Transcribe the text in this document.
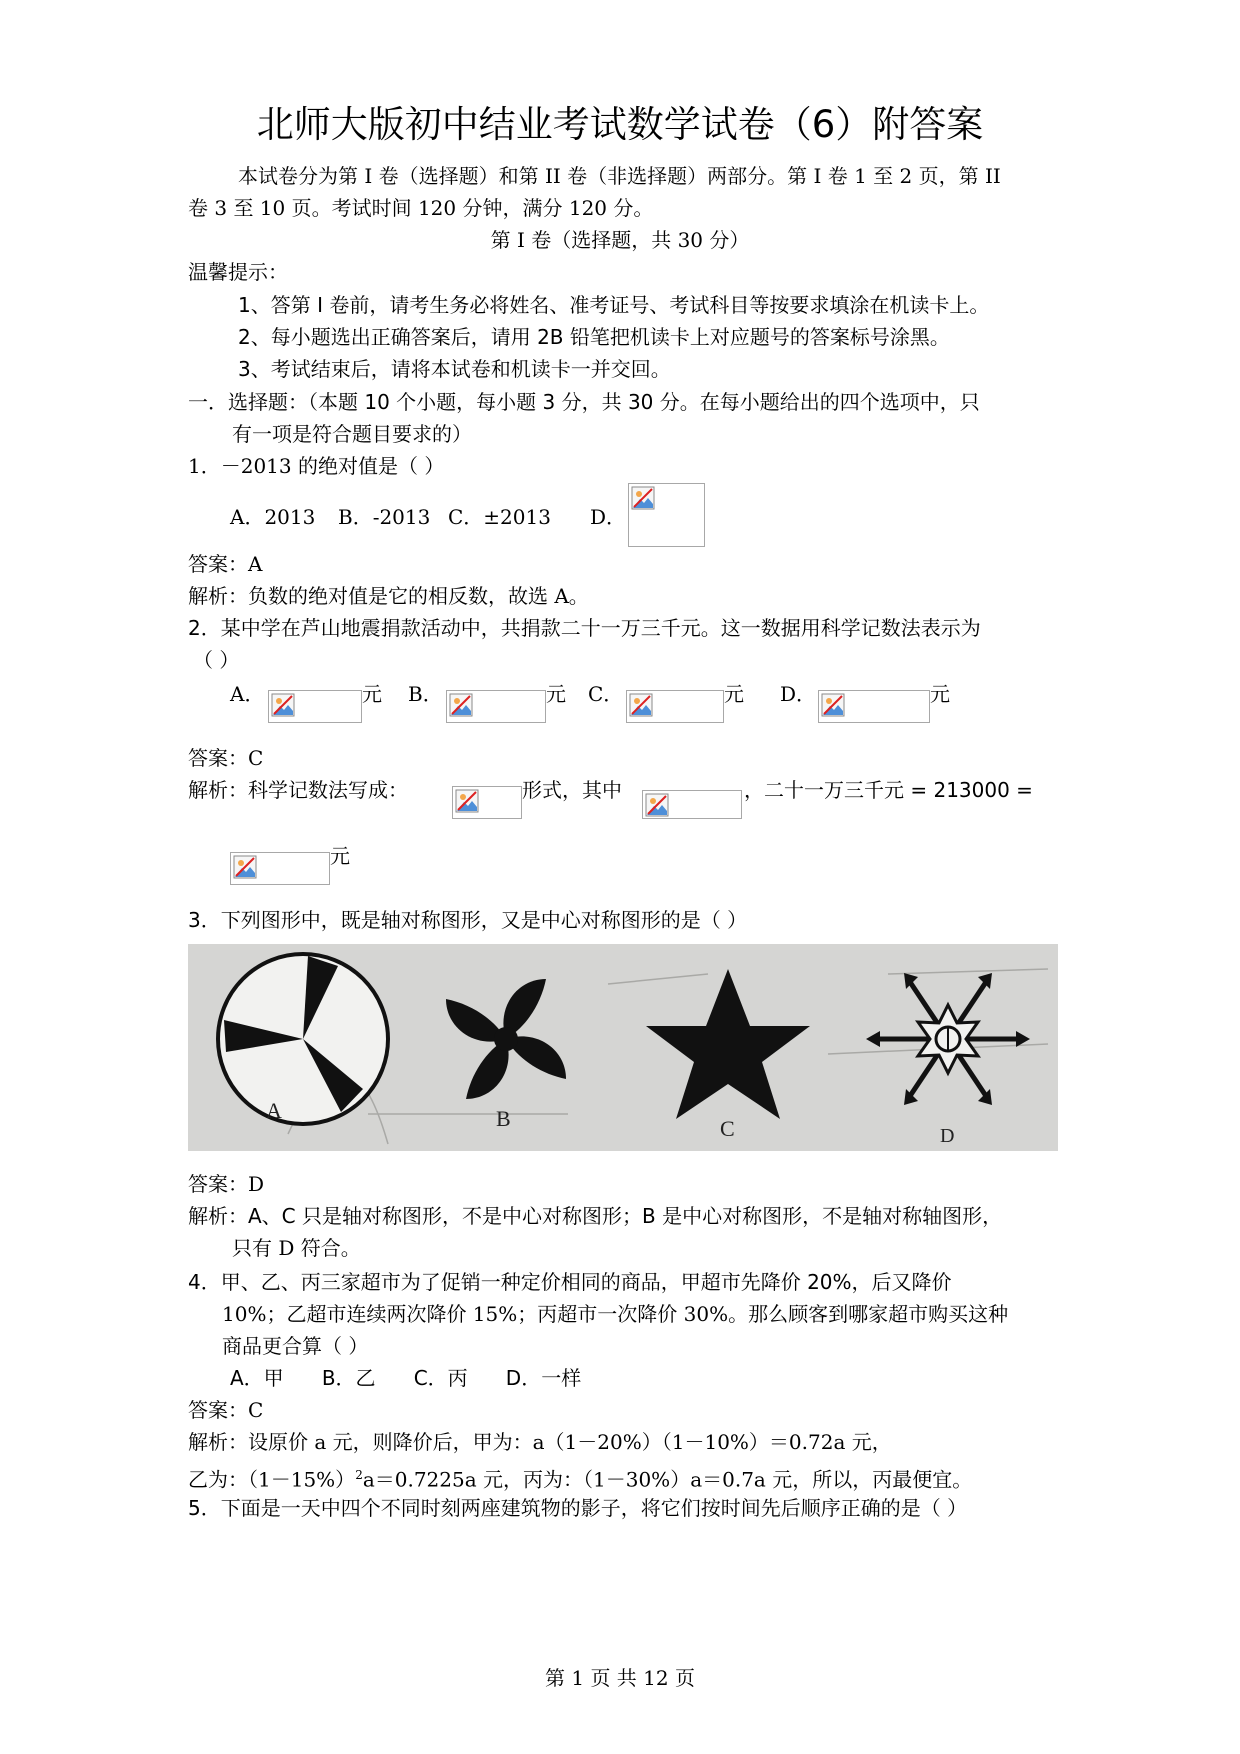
北师大版初中结业考试数学试卷（6）附答案
本试卷分为第 I 卷（选择题）和第 II 卷（非选择题）两部分。第 I 卷 1 至 2 页，第 II
卷 3 至 10 页。考试时间 120 分钟，满分 120 分。
第 I 卷（选择题，共 30 分）
温馨提示：
1、答第 I 卷前，请考生务必将姓名、准考证号、考试科目等按要求填涂在机读卡上。
2、每小题选出正确答案后，请用 2B 铅笔把机读卡上对应题号的答案标号涂黑。
3、考试结束后，请将本试卷和机读卡一并交回。
一．选择题：（本题 10 个小题，每小题 3 分，共 30 分。在每小题给出的四个选项中，只
有一项是符合题目要求的）
1．－2013 的绝对值是（ ）
A．2013 B．-2013 C．±2013 D．
答案：A
解析：负数的绝对值是它的相反数，故选 A。
2．某中学在芦山地震捐款活动中，共捐款二十一万三千元。这一数据用科学记数法表示为
（ ）
A．	元 B．	元 C．	元 D．	元
答案：C
解析：科学记数法写成：	形式，其中	，二十一万三千元 = 213000 =
元
3．下列图形中，既是轴对称图形，又是中心对称图形的是（ ）
A	B	C	D
答案：D
解析：A、C 只是轴对称图形，不是中心对称图形；B 是中心对称图形，不是轴对称轴图形，
只有 D 符合。
4．甲、乙、丙三家超市为了促销一种定价相同的商品，甲超市先降价 20%，后又降价
10%；乙超市连续两次降价 15%；丙超市一次降价 30%。那么顾客到哪家超市购买这种
商品更合算（ ）
A．甲      B．乙      C．丙      D．一样
答案：C
解析：设原价 a 元，则降价后，甲为：a（1－20%）（1－10%）＝0.72a 元，
乙为：$(1-15\%)^2a=0.7225a$ 元，丙为：（1－30%）a＝0.7a 元，所以，丙最便宜。
5．下面是一天中四个不同时刻两座建筑物的影子，将它们按时间先后顺序正确的是（ ）
第 1 页 共 12 页
